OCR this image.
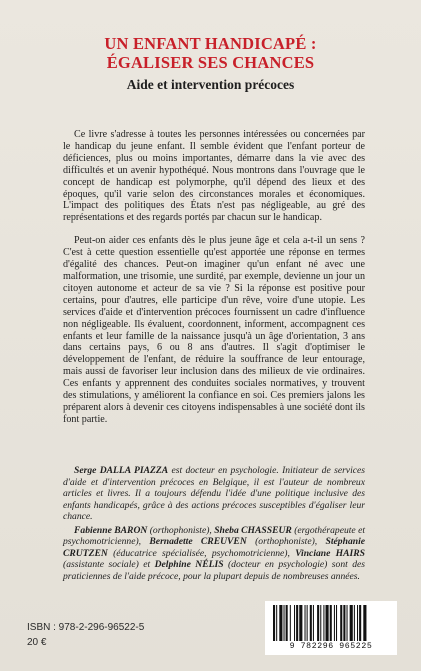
UN ENFANT HANDICAPÉ :
ÉGALISER SES CHANCES
Aide et intervention précoces

Ce livre s'adresse à toutes les personnes intéressées ou concernées par le handicap du jeune enfant. Il semble évident que l'enfant porteur de déficiences, plus ou moins importantes, démarre dans la vie avec des difficultés et un avenir hypothéqué. Nous montrons dans l'ouvrage que le concept de handicap est polymorphe, qu'il dépend des lieux et des époques, qu'il varie selon des circonstances morales et économiques. L'impact des politiques des États n'est pas négligeable, au gré des représentations et des regards portés par chacun sur le handicap.

Peut-on aider ces enfants dès le plus jeune âge et cela a-t-il un sens ? C'est à cette question essentielle qu'est apportée une réponse en termes d'égalité des chances. Peut-on imaginer qu'un enfant né avec une malformation, une trisomie, une surdité, par exemple, devienne un jour un citoyen autonome et acteur de sa vie ? Si la réponse est positive pour certains, pour d'autres, elle participe d'un rêve, voire d'une utopie. Les services d'aide et d'intervention précoces fournissent un cadre d'influence non négligeable. Ils évaluent, coordonnent, informent, accompagnent ces enfants et leur famille de la naissance jusqu'à un âge d'orientation, 3 ans dans certains pays, 6 ou 8 ans d'autres. Il s'agit d'optimiser le développement de l'enfant, de réduire la souffrance de leur entourage, mais aussi de favoriser leur inclusion dans des milieux de vie ordinaires. Ces enfants y apprennent des conduites sociales normatives, y trouvent des stimulations, y améliorent la confiance en soi. Ces premiers jalons les préparent alors à devenir ces citoyens indispensables à une société dont ils font partie.

Serge DALLA PIAZZA est docteur en psychologie. Initiateur de services d'aide et d'intervention précoces en Belgique, il est l'auteur de nombreux articles et livres. Il a toujours défendu l'idée d'une politique inclusive des enfants handicapés, grâce à des actions précoces susceptibles d'égaliser leur chance.

Fabienne BARON (orthophoniste), Sheba CHASSEUR (ergothérapeute et psychomotricienne), Bernadette CREUVEN (orthophoniste), Stéphanie CRUTZEN (éducatrice spécialisée, psychomotricienne), Vinciane HAIRS (assistante sociale) et Delphine NÉLIS (docteur en psychologie) sont des praticiennes de l'aide précoce, pour la plupart depuis de nombreuses années.

ISBN : 978-2-296-96522-5
20 €	9 782296 965225
